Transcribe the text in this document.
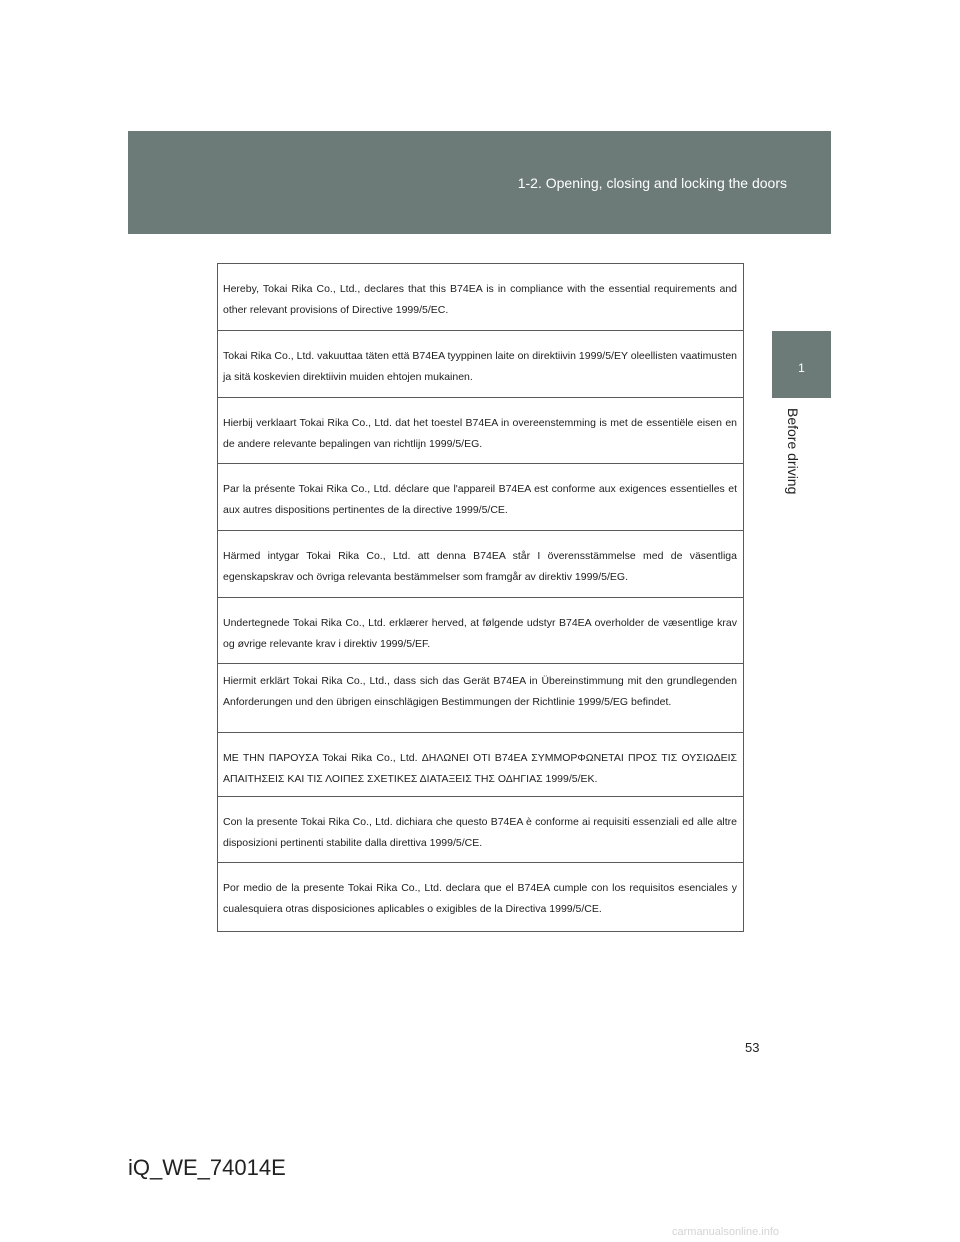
1-2. Opening, closing and locking the doors
1
Before driving
Hereby, Tokai Rika Co., Ltd., declares that this B74EA is in compliance with the essential requirements and other relevant provisions of Directive 1999/5/EC.
Tokai Rika Co., Ltd. vakuuttaa täten että B74EA tyyppinen laite on direktiivin 1999/5/EY oleellisten vaatimusten ja sitä koskevien direktiivin muiden ehtojen mukainen.
Hierbij verklaart Tokai Rika Co., Ltd. dat het toestel B74EA in overeenstemming is met de essentiële eisen en de andere relevante bepalingen van richtlijn 1999/5/EG.
Par la présente Tokai Rika Co., Ltd. déclare que l'appareil B74EA est conforme aux exigences essentielles et aux autres dispositions pertinentes de la directive 1999/5/CE.
Härmed intygar Tokai Rika Co., Ltd. att denna B74EA står I överensstämmelse med de väsentliga egenskapskrav och övriga relevanta bestämmelser som framgår av direktiv 1999/5/EG.
Undertegnede Tokai Rika Co., Ltd. erklærer herved, at følgende udstyr B74EA overholder de væsentlige krav og øvrige relevante krav i direktiv 1999/5/EF.
Hiermit erklärt Tokai Rika Co., Ltd., dass sich das Gerät B74EA in Übereinstimmung mit den grundlegenden Anforderungen und den übrigen einschlägigen Bestimmungen der Richtlinie 1999/5/EG befindet.
ΜΕ ΤΗΝ ΠΑΡΟΥΣΑ Tokai Rika Co., Ltd. ΔΗΛΩΝΕΙ ΟΤΙ B74EA ΣΥΜΜΟΡΦΩΝΕΤΑΙ ΠΡΟΣ ΤΙΣ ΟΥΣΙΩΔΕΙΣ ΑΠΑΙΤΗΣΕΙΣ ΚΑΙ ΤΙΣ ΛΟΙΠΕΣ ΣΧΕΤΙΚΕΣ ΔΙΑΤΑΞΕΙΣ ΤΗΣ ΟΔΗΓΙΑΣ 1999/5/ΕΚ.
Con la presente Tokai Rika Co., Ltd. dichiara che questo B74EA è conforme ai requisiti essenziali ed alle altre disposizioni pertinenti stabilite dalla direttiva 1999/5/CE.
Por medio de la presente Tokai Rika Co., Ltd. declara que el B74EA cumple con los requisitos esenciales y cualesquiera otras disposiciones aplicables o exigibles de la Directiva 1999/5/CE.
53
iQ_WE_74014E
carmanualsonline.info
